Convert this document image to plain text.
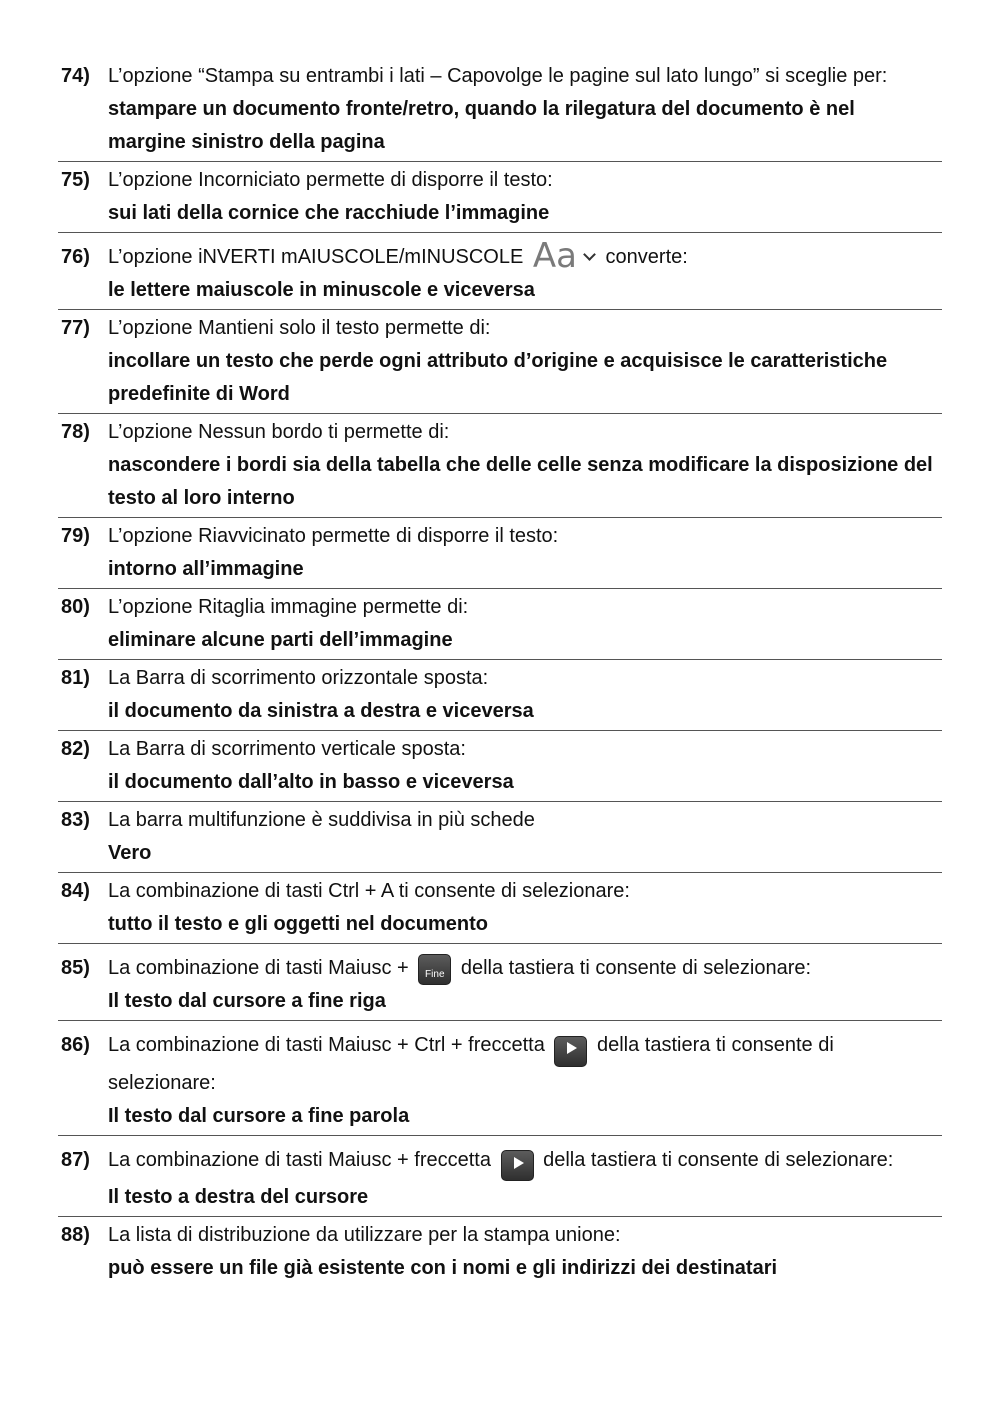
74) L’opzione “Stampa su entrambi i lati – Capovolge le pagine sul lato lungo” si sceglie per:
stampare un documento fronte/retro, quando la rilegatura del documento è nel margine sinistro della pagina
75) L’opzione Incorniciato permette di disporre il testo:
sui lati della cornice che racchiude l’immagine
76) L’opzione iNVERTI mAIUSCOLE/mINUSCOLE Aa converte:
le lettere maiuscole in minuscole e viceversa
77) L’opzione Mantieni solo il testo permette di:
incollare un testo che perde ogni attributo d’origine e acquisisce le caratteristiche predefinite di Word
78) L’opzione Nessun bordo ti permette di:
nascondere i bordi sia della tabella che delle celle senza modificare la disposizione del testo al loro interno
79) L’opzione Riavvicinato permette di disporre il testo:
intorno all’immagine
80) L’opzione Ritaglia immagine permette di:
eliminare alcune parti dell’immagine
81) La Barra di scorrimento orizzontale sposta:
il documento da sinistra a destra e viceversa
82) La Barra di scorrimento verticale sposta:
il documento dall’alto in basso e viceversa
83) La barra multifunzione è suddivisa in più schede
Vero
84) La combinazione di tasti Ctrl + A ti consente di selezionare:
tutto il testo e gli oggetti nel documento
85) La combinazione di tasti Maiusc + Fine della tastiera ti consente di selezionare:
Il testo dal cursore a fine riga
86) La combinazione di tasti Maiusc + Ctrl + freccetta
della tastiera ti consente di selezionare:
Il testo dal cursore a fine parola
87) La combinazione di tasti Maiusc + freccetta
della tastiera ti consente di selezionare:
Il testo a destra del cursore
88) La lista di distribuzione da utilizzare per la stampa unione:
può essere un file già esistente con i nomi e gli indirizzi dei destinatari
